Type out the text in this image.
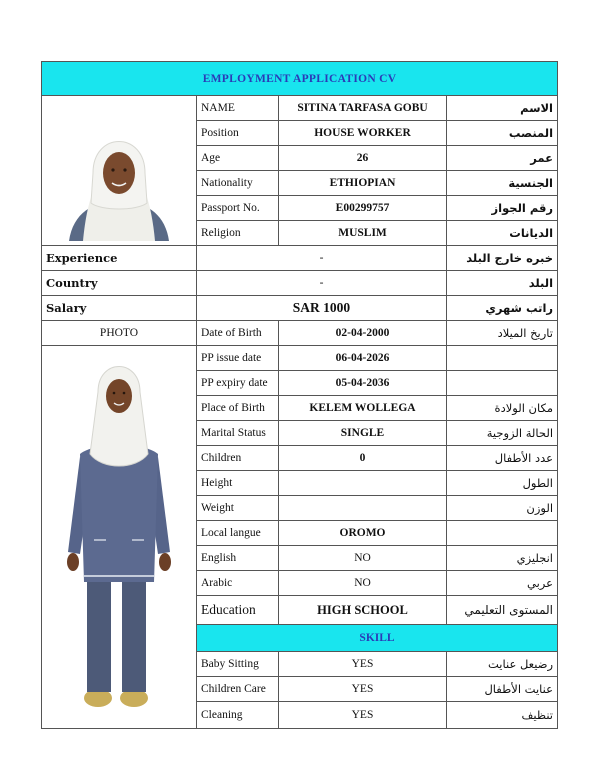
EMPLOYMENT APPLICATION CV			

	NAME	SITINA TARFASA GOBU	الاسم
	Position	HOUSE WORKER	المنصب
	Age	26	عمر
	Nationality	ETHIOPIAN	الجنسية
	Passport No.	E00299757	رقم الجواز
	Religion	MUSLIM	الديانات
Experience	-		خبره خارج البلد
Country	-		البلد
Salary	SAR 1000		راتب شهري
PHOTO	Date of Birth	02-04-2000	تاريخ الميلاد

	PP issue date	06-04-2026	
	PP expiry date	05-04-2036	
	Place of Birth	KELEM WOLLEGA	مكان الولادة
	Marital Status	SINGLE	الحالة الزوجية
	Children	0	عدد الأطفال
	Height		الطول
	Weight		الوزن
	Local langue	OROMO	
	English	NO	انجليزي
	Arabic	NO	عربي
	Education	HIGH SCHOOL	المستوى التعليمي
	SKILL		
	Baby Sitting	YES	رضيعل عنايت
	Children Care	YES	عنايت الأطفال
	Cleaning	YES	تنظيف
